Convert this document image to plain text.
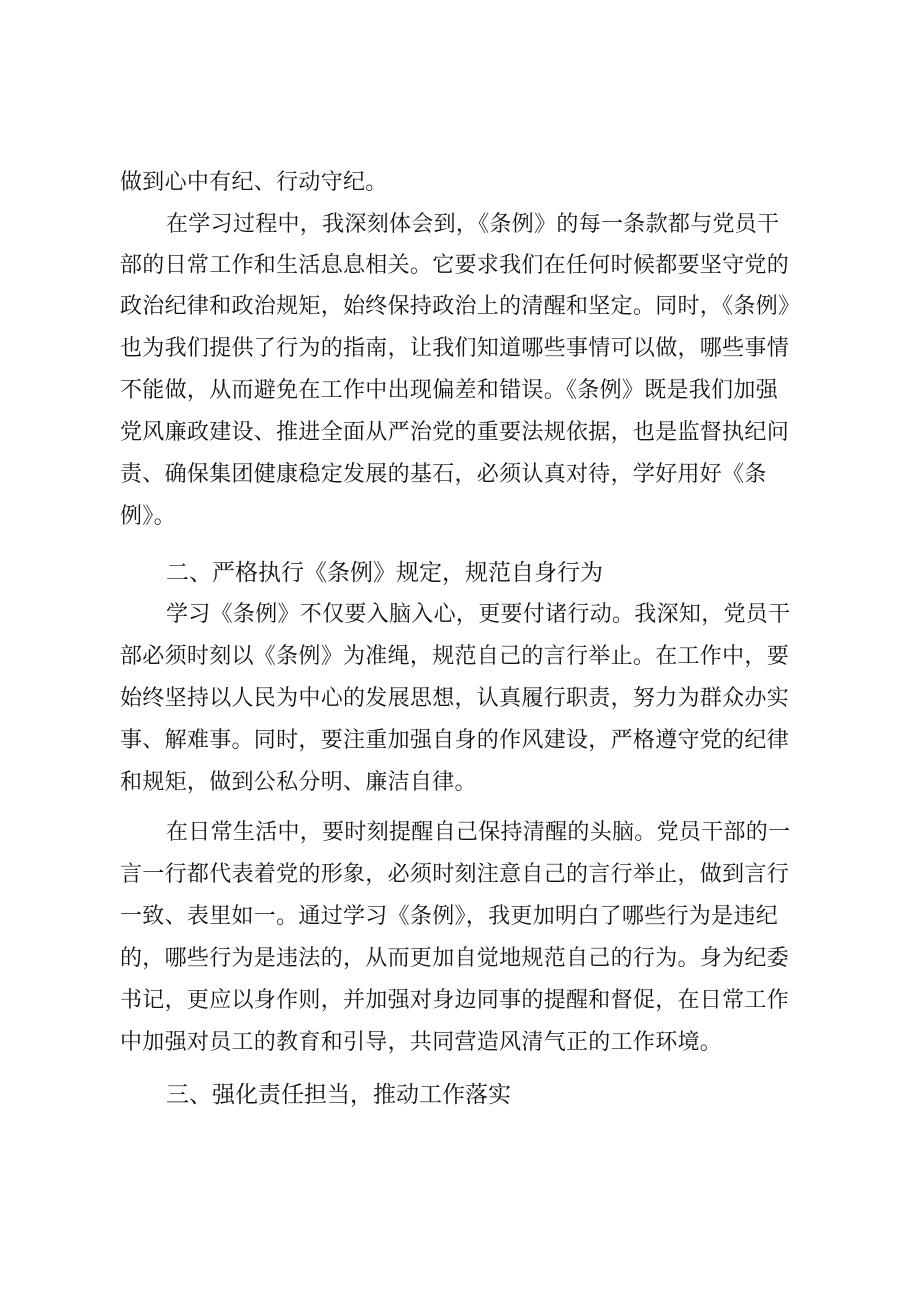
做到心中有纪、行动守纪。
在学习过程中，我深刻体会到，《条例》的每一条款都与党员干
部的日常工作和生活息息相关。它要求我们在任何时候都要坚守党的
政治纪律和政治规矩，始终保持政治上的清醒和坚定。同时，《条例》
也为我们提供了行为的指南，让我们知道哪些事情可以做，哪些事情
不能做，从而避免在工作中出现偏差和错误。《条例》既是我们加强
党风廉政建设、推进全面从严治党的重要法规依据，也是监督执纪问
责、确保集团健康稳定发展的基石，必须认真对待，学好用好《条
例》。
二、严格执行《条例》规定，规范自身行为
学习《条例》不仅要入脑入心，更要付诸行动。我深知，党员干
部必须时刻以《条例》为准绳，规范自己的言行举止。在工作中，要
始终坚持以人民为中心的发展思想，认真履行职责，努力为群众办实
事、解难事。同时，要注重加强自身的作风建设，严格遵守党的纪律
和规矩，做到公私分明、廉洁自律。
在日常生活中，要时刻提醒自己保持清醒的头脑。党员干部的一
言一行都代表着党的形象，必须时刻注意自己的言行举止，做到言行
一致、表里如一。通过学习《条例》，我更加明白了哪些行为是违纪
的，哪些行为是违法的，从而更加自觉地规范自己的行为。身为纪委
书记，更应以身作则，并加强对身边同事的提醒和督促，在日常工作
中加强对员工的教育和引导，共同营造风清气正的工作环境。
三、强化责任担当，推动工作落实
